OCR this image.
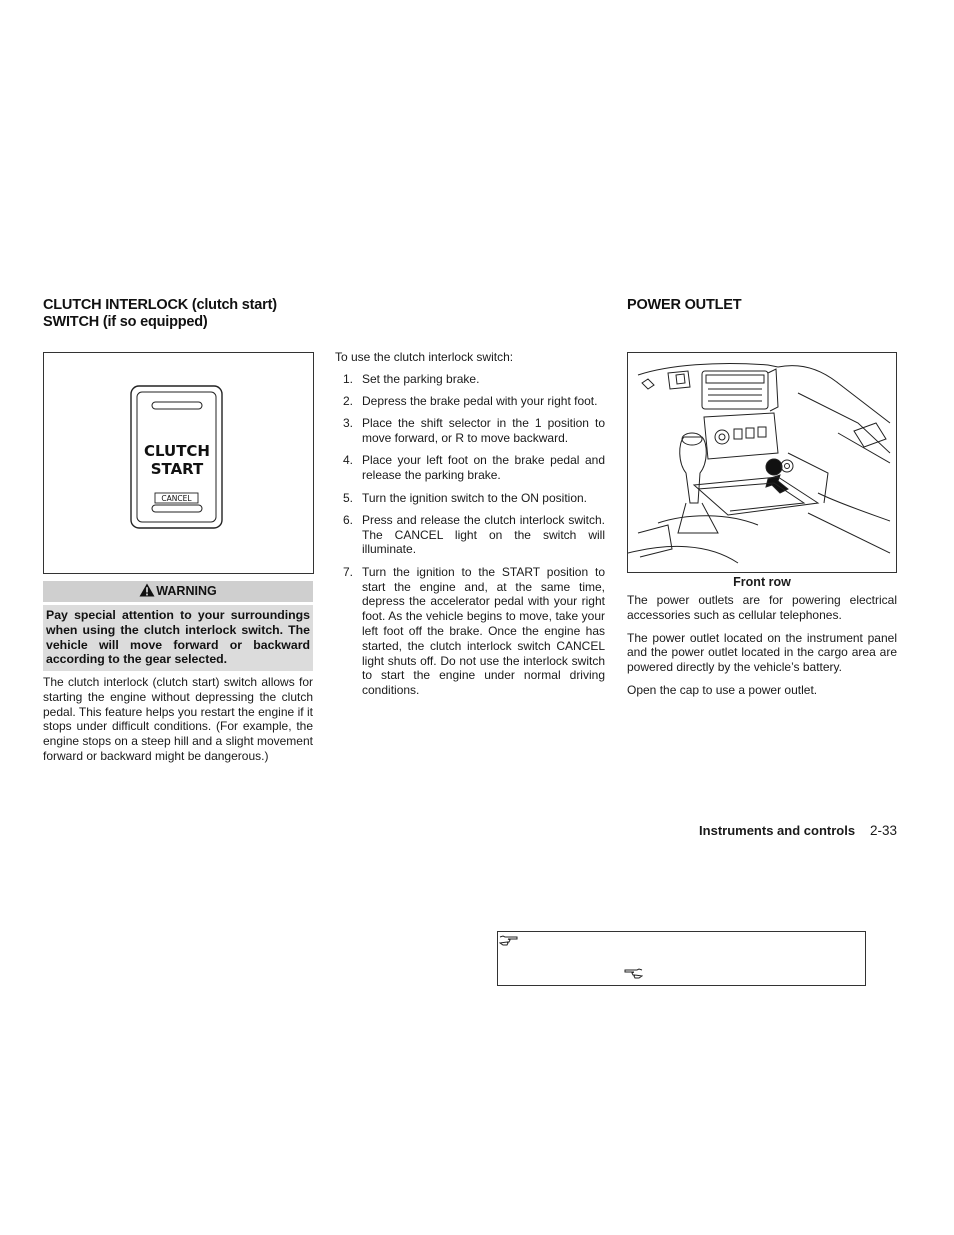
CLUTCH INTERLOCK (clutch start)
SWITCH (if so equipped)
CLUTCH
START
CANCEL
WARNING
Pay special attention to your surroundings when using the clutch interlock switch. The vehicle will move forward or backward according to the gear selected.

The clutch interlock (clutch start) switch allows for starting the engine without depressing the clutch pedal. This feature helps you restart the engine if it stops under difficult conditions. (For example, the engine stops on a steep hill and a slight movement forward or backward might be dangerous.)

To use the clutch interlock switch:

1. Set the parking brake.
2. Depress the brake pedal with your right foot.
3. Place the shift selector in the 1 position to move forward, or R to move backward.
4. Place your left foot on the brake pedal and release the parking brake.
5. Turn the ignition switch to the ON position.
6. Press and release the clutch interlock switch. The CANCEL light on the switch will illuminate.
7. Turn the ignition to the START position to start the engine and, at the same time, depress the accelerator pedal with your right foot. As the vehicle begins to move, take your left foot off the brake. Once the engine has started, the clutch interlock switch CANCEL light shuts off. Do not use the interlock switch to start the engine under normal driving conditions.
POWER OUTLET
Front row

The power outlets are for powering electrical accessories such as cellular telephones.

The power outlet located on the instrument panel and the power outlet located in the cargo area are powered directly by the vehicle’s battery.

Open the cap to use a power outlet.

Instruments and controls 2-33
